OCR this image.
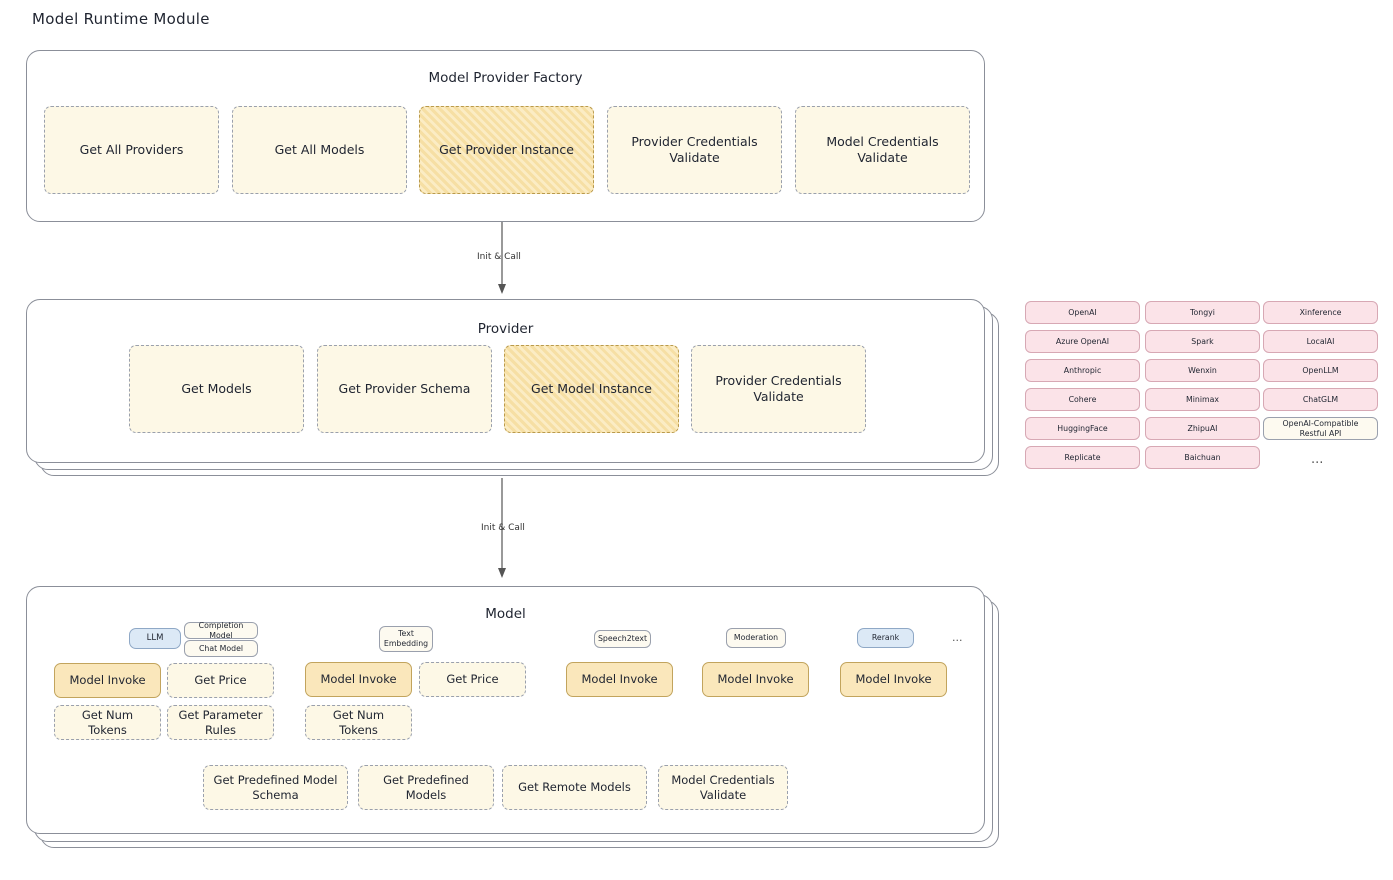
Model Runtime Module
Init & Call
Init & Call
Model Provider Factory
Get All Providers	Get All Models	Get Provider Instance
Provider Credentials Validate
Model Credentials Validate
Provider
Get Models	Get Provider Schema	Get Model Instance
Provider Credentials Validate
OpenAI
Azure OpenAI
Anthropic
Cohere
HuggingFace
Replicate
Tongyi
Spark
Wenxin
Minimax
ZhipuAI
Baichuan
Xinference
LocalAI
OpenLLM
ChatGLM
OpenAI-Compatible Restful API
...
Model
LLM
Completion Model
Chat Model
Text Embedding
Speech2text	Moderation	Rerank	...
Model Invoke	Get Price
Get Num Tokens
Get Parameter Rules
Model Invoke	Get Price
Get Num Tokens
Model Invoke	Model Invoke	Model Invoke
Get Predefined Model Schema
Get Predefined Models
Get Remote Models
Model Credentials Validate
